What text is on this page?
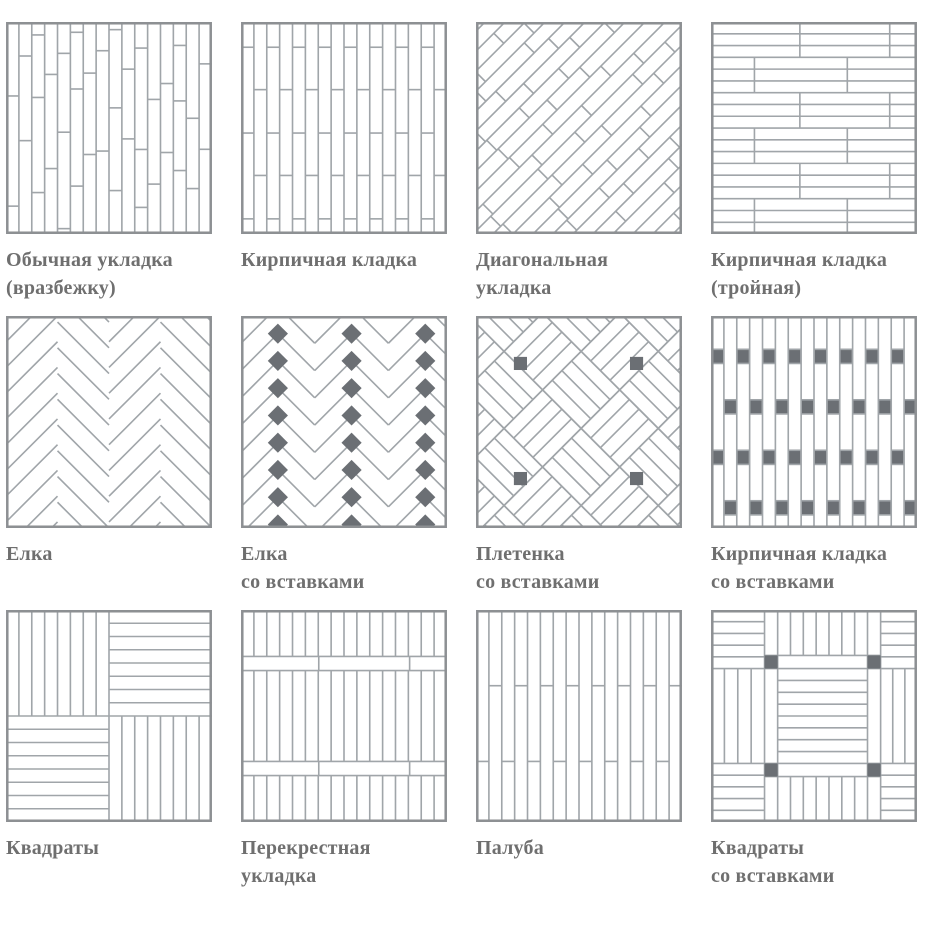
Обычная укладка
(вразбежку)
Кирпичная кладка	Диагональная
укладка
Кирпичная кладка
(тройная)
Елка	Елка
со вставками
Плетенка
со вставками
Кирпичная кладка
со вставками
Квадраты	Перекрестная
укладка
Палуба	Квадраты
со вставками
